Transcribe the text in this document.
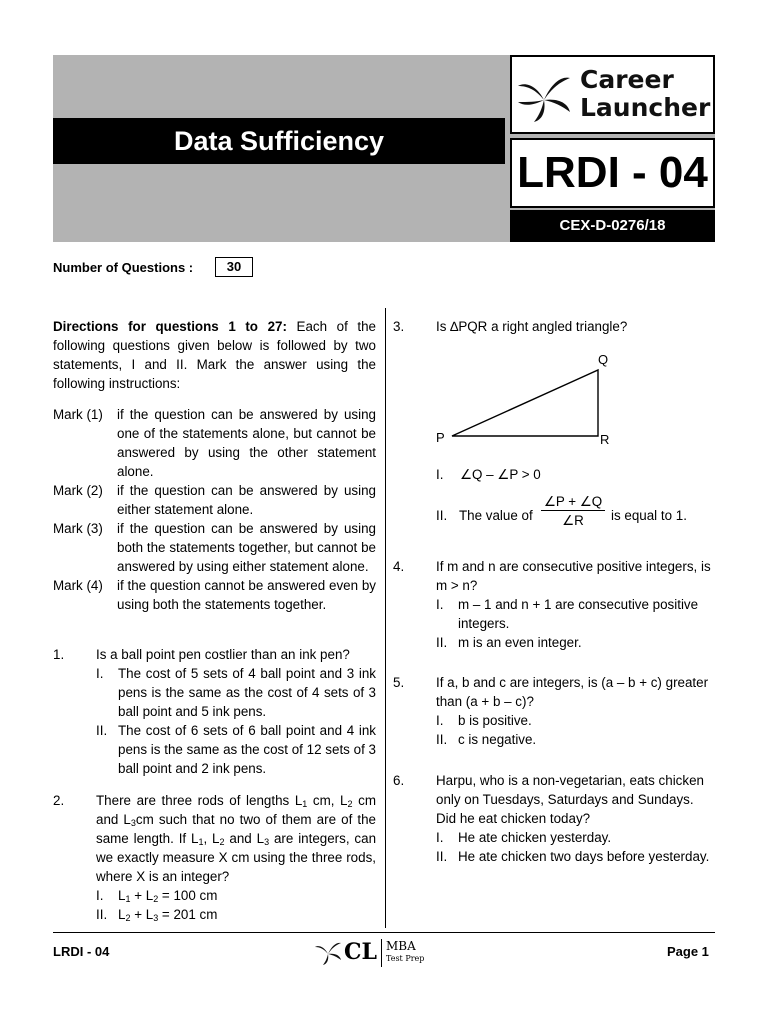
Data Sufficiency
Career
Launcher
LRDI - 04
CEX-D-0276/18
Number of Questions :	30
Directions for questions 1 to 27: Each of the following questions given below is followed by two statements, I and II. Mark the answer using the following instructions:
Mark (1) if the question can be answered by using one of the statements alone, but cannot be answered by using the other statement alone.
Mark (2) if the question can be answered by using either statement alone.
Mark (3) if the question can be answered by using both the statements together, but cannot be answered by using either statement alone.
Mark (4) if the question cannot be answered even by using both the statements together.
1. Is a ball point pen costlier than an ink pen?
I. The cost of 5 sets of 4 ball point and 3 ink pens is the same as the cost of 4 sets of 3 ball point and 5 ink pens.
II. The cost of 6 sets of 6 ball point and 4 ink pens is the same as the cost of 12 sets of 3 ball point and 2 ink pens.
2. There are three rods of lengths $L_1$ cm, $L_2$ cm and $L_3cm$ such that no two of them are of the same length. If $L_1$, $L_2$ and $L_3$ are integers, can we exactly measure X cm using the three rods, where X is an integer?
I. $L_1 + L_2 = 100$ cm
II. $L_2 + L_3 = 201$ cm
3. Is ∆PQR a right angled triangle?
P
Q
R
I. ∠Q – ∠P > 0
II. The value of $\frac{\angle P + \angle Q}{\angle R}$ is equal to 1.
4. If m and n are consecutive positive integers, is m > n?
I. m – 1 and n + 1 are consecutive positive integers.
II. m is an even integer.
5. If a, b and c are integers, is (a – b + c) greater than (a + b – c)?
I. b is positive.
II. c is negative.
6. Harpu, who is a non-vegetarian, eats chicken only on Tuesdays, Saturdays and Sundays. Did he eat chicken today?
I. He ate chicken yesterday.
II. He ate chicken two days before yesterday.
LRDI - 04	CL MBA
Test Prep	Page 1
